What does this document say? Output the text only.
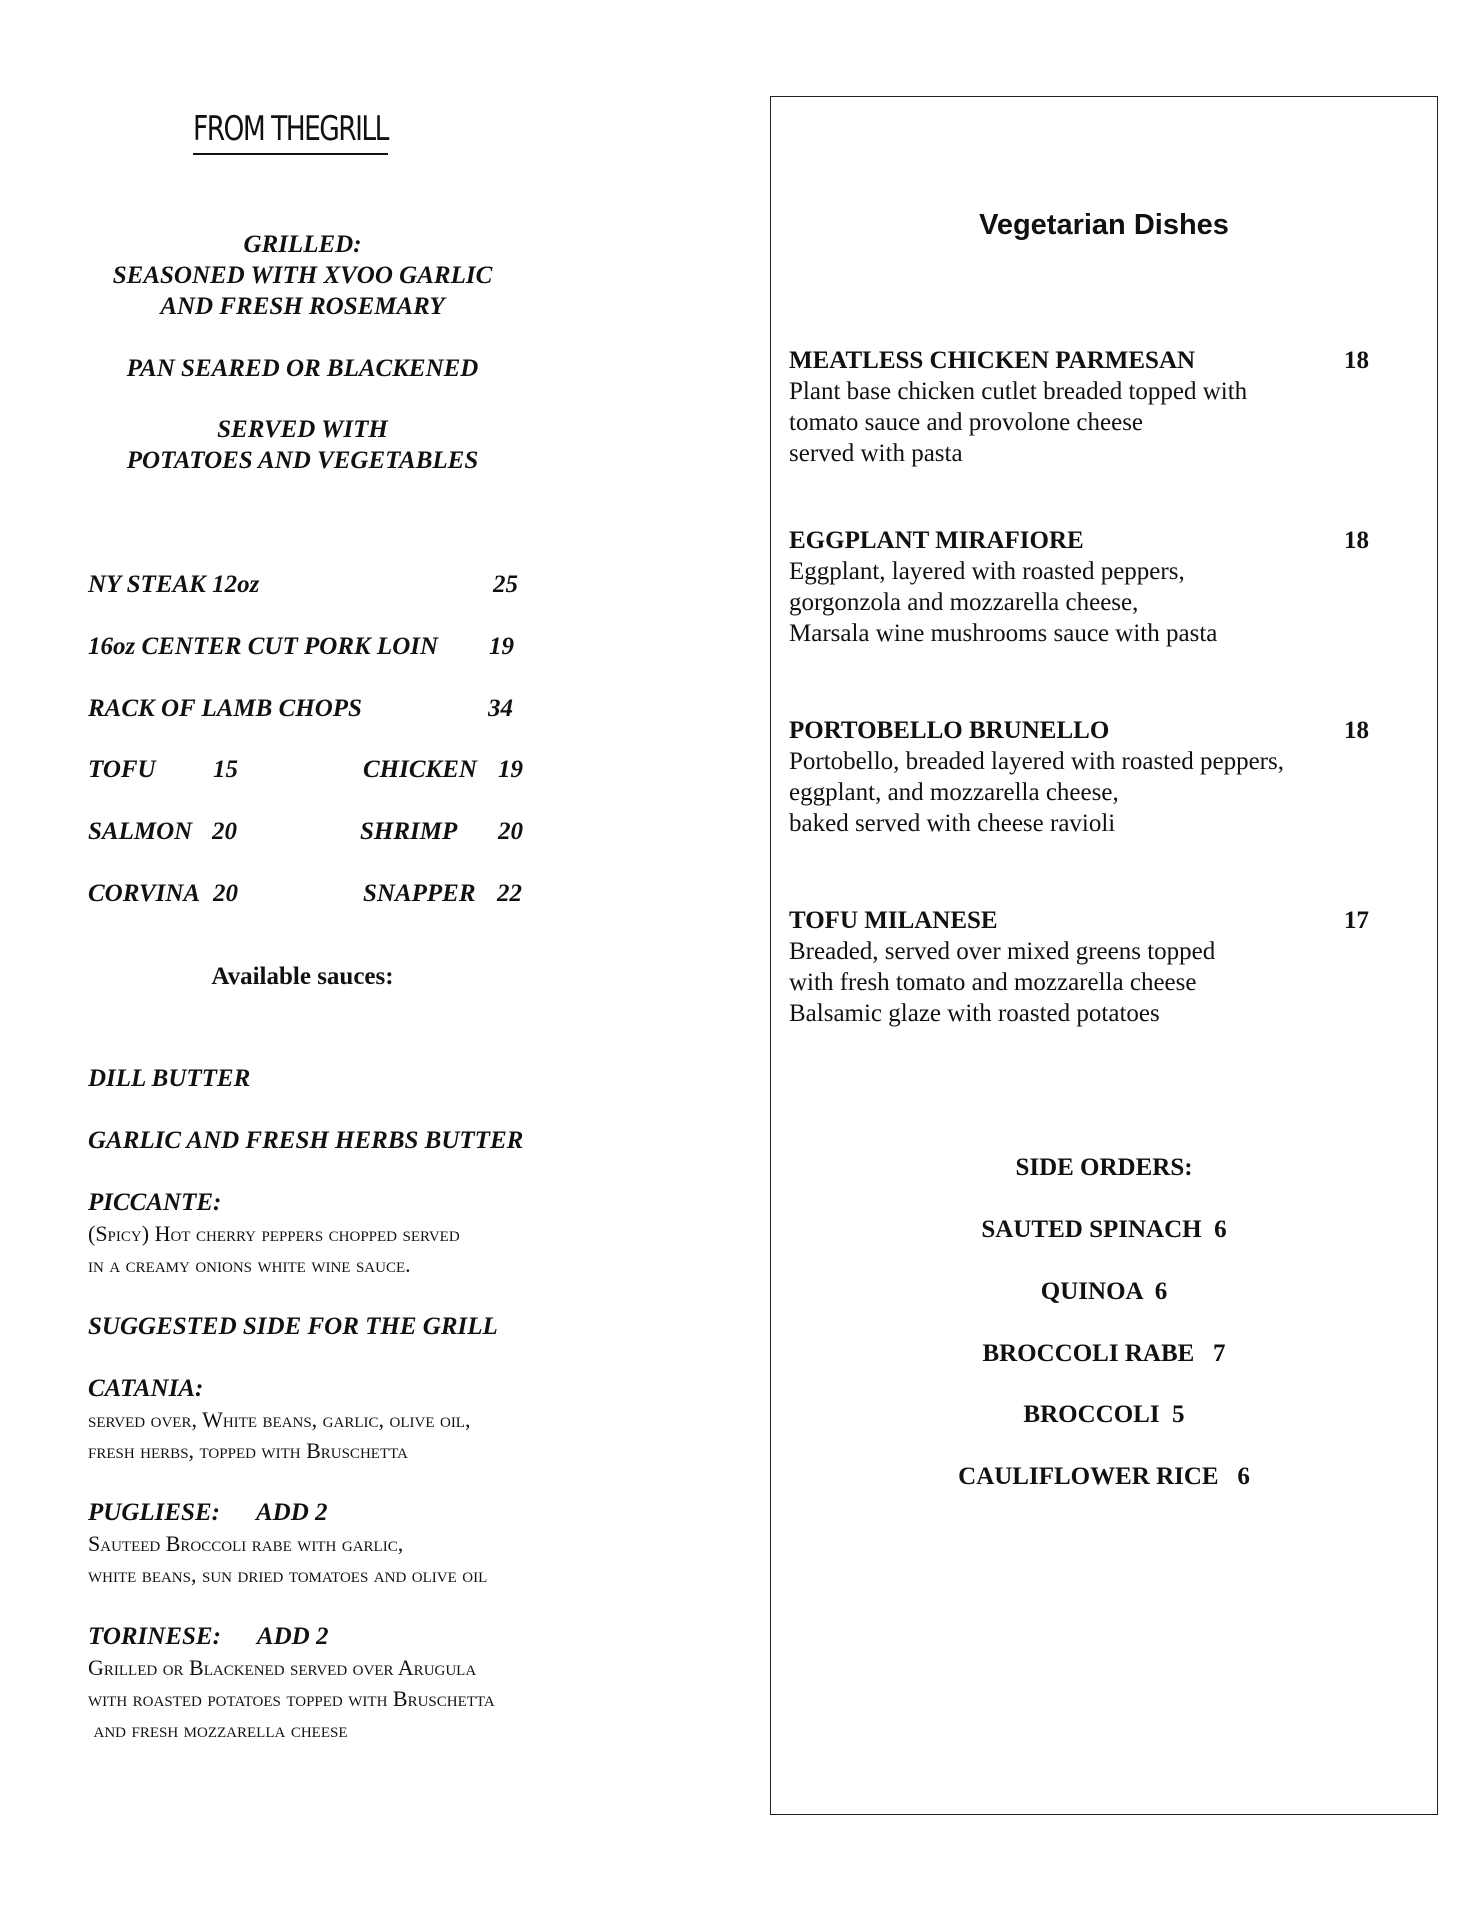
FROM THEGRILL

GRILLED:

SEASONED WITH XVOO GARLIC

AND FRESH ROSEMARY

PAN SEARED OR BLACKENED

SERVED WITH

POTATOES AND VEGETABLES

NY STEAK 12oz	25
16oz CENTER CUT PORK LOIN 19
RACK OF LAMB CHOPS	34
TOFU 15	CHICKEN 19
SALMON 20	SHRIMP 20
CORVINA 20	SNAPPER 22
Available sauces:
DILL BUTTER
GARLIC AND FRESH HERBS BUTTER
PICCANTE:
(Spicy) Hot cherry peppers chopped served
in a creamy onions white wine sauce.
SUGGESTED SIDE FOR THE GRILL
CATANIA:
served over, White beans, garlic, olive oil,
fresh herbs, topped with Bruschetta
PUGLIESE: ADD 2
Sauteed Broccoli rabe with garlic,
white beans, sun dried tomatoes and olive oil
TORINESE: ADD 2
Grilled or Blackened served over Arugula
with roasted potatoes topped with Bruschetta
and fresh mozzarella cheese
Vegetarian Dishes
MEATLESS CHICKEN PARMESAN	18
Plant base chicken cutlet breaded topped with
tomato sauce and provolone cheese
served with pasta
EGGPLANT MIRAFIORE	18
Eggplant, layered with roasted peppers,
gorgonzola and mozzarella cheese,
Marsala wine mushrooms sauce with pasta
PORTOBELLO BRUNELLO	18
Portobello, breaded layered with roasted peppers,
eggplant, and mozzarella cheese,
baked served with cheese ravioli
TOFU MILANESE	17
Breaded, served over mixed greens topped
with fresh tomato and mozzarella cheese
Balsamic glaze with roasted potatoes
SIDE ORDERS:
SAUTED SPINACH  6
QUINOA  6
BROCCOLI RABE   7
BROCCOLI  5
CAULIFLOWER RICE   6
